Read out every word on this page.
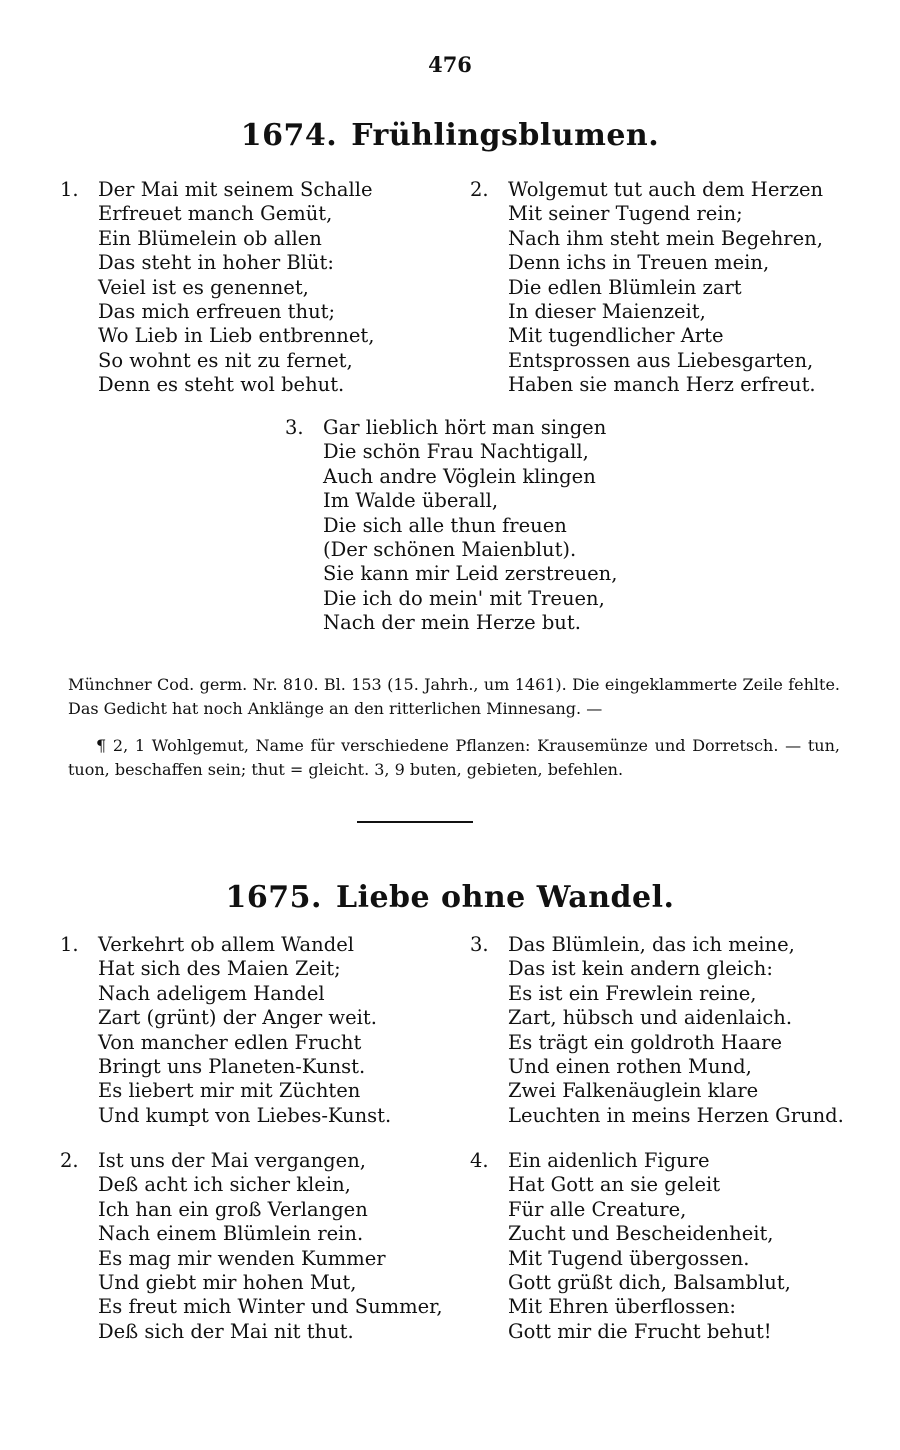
476
1674. Frühlingsblumen.
1. Der Mai mit seinem Schalle
Erfreuet manch Gemüt,
Ein Blümelein ob allen
Das steht in hoher Blüt:
Veiel ist es genennet,
Das mich erfreuen thut;
Wo Lieb in Lieb entbrennet,
So wohnt es nit zu fernet,
Denn es steht wol behut.
2. Wolgemut tut auch dem Herzen
Mit seiner Tugend rein;
Nach ihm steht mein Begehren,
Denn ichs in Treuen mein,
Die edlen Blümlein zart
In dieser Maienzeit,
Mit tugendlicher Arte
Entsprossen aus Liebesgarten,
Haben sie manch Herz erfreut.
3. Gar lieblich hört man singen
Die schön Frau Nachtigall,
Auch andre Vöglein klingen
Im Walde überall,
Die sich alle thun freuen
(Der schönen Maienblut).
Sie kann mir Leid zerstreuen,
Die ich do mein' mit Treuen,
Nach der mein Herze but.
Münchner Cod. germ. Nr. 810. Bl. 153 (15. Jahrh., um 1461). Die eingeklammerte Zeile fehlte. Das Gedicht hat noch Anklänge an den ritterlichen Minnesang. —
¶ 2, 1 Wohlgemut, Name für verschiedene Pflanzen: Krausemünze und Dorretsch. — tun, tuon, beschaffen sein; thut = gleicht. 3, 9 buten, gebieten, befehlen.
1675. Liebe ohne Wandel.
1. Verkehrt ob allem Wandel
Hat sich des Maien Zeit;
Nach adeligem Handel
Zart (grünt) der Anger weit.
Von mancher edlen Frucht
Bringt uns Planeten-Kunst.
Es liebert mir mit Züchten
Und kumpt von Liebes-Kunst.
3. Das Blümlein, das ich meine,
Das ist kein andern gleich:
Es ist ein Frewlein reine,
Zart, hübsch und aidenlaich.
Es trägt ein goldroth Haare
Und einen rothen Mund,
Zwei Falkenäuglein klare
Leuchten in meins Herzen Grund.
2. Ist uns der Mai vergangen,
Deß acht ich sicher klein,
Ich han ein groß Verlangen
Nach einem Blümlein rein.
Es mag mir wenden Kummer
Und giebt mir hohen Mut,
Es freut mich Winter und Summer,
Deß sich der Mai nit thut.
4. Ein aidenlich Figure
Hat Gott an sie geleit
Für alle Creature,
Zucht und Bescheidenheit,
Mit Tugend übergossen.
Gott grüßt dich, Balsamblut,
Mit Ehren überflossen:
Gott mir die Frucht behut!
